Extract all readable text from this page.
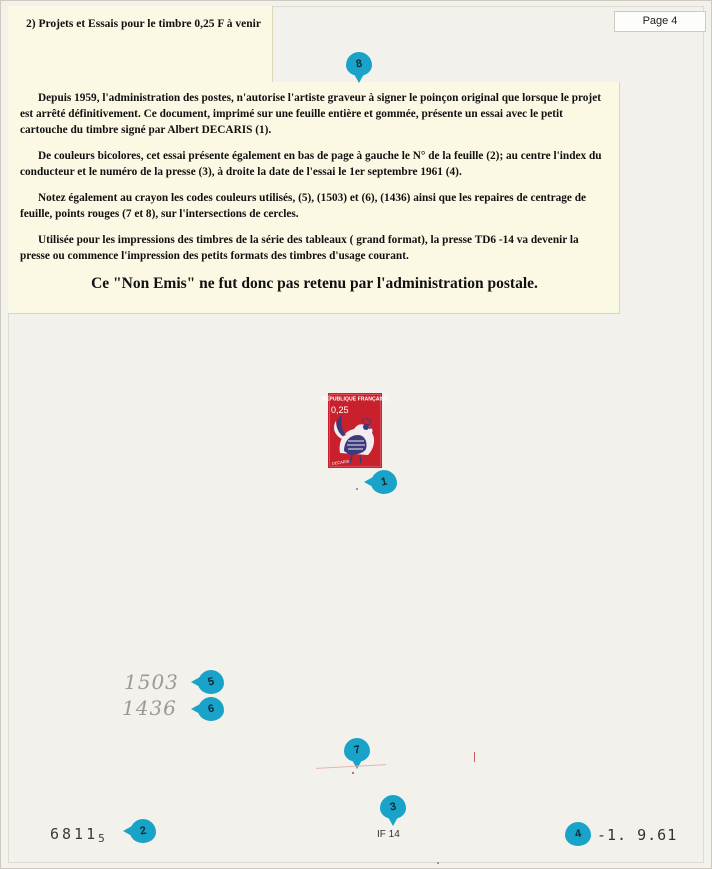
2) Projets et Essais pour le timbre 0,25 F à venir	Page 4

Depuis 1959, l'administration des postes, n'autorise l'artiste graveur à signer le poinçon original que lorsque le projet est arrêté définitivement. Ce document, imprimé sur une feuille entière et gommée, présente un essai avec le petit cartouche du timbre signé par Albert DECARIS (1).

De couleurs bicolores, cet essai présente également en bas de page à gauche le N° de la feuille (2); au centre l'index du conducteur et le numéro de la presse (3), à droite la date de l'essai le 1er septembre 1961 (4).

Notez également au crayon les codes couleurs utilisés, (5), (1503) et (6), (1436) ainsi que les repaires de centrage de feuille, points rouges (7 et 8), sur l'intersections de cercles.

Utilisée pour les impressions des timbres de la série des tableaux ( grand format), la presse TD6 -14 va devenir la presse ou commence l'impression des petits formats des timbres d'usage courant.

Ce "Non Emis" ne fut donc pas retenu par l'administration postale.

8
RÉPUBLIQUE FRANÇAISE
0,25
DECARIS
1
1503
1436
5
6
7
3
IF 14
$6811_5$
2	4 -1. 9.61
